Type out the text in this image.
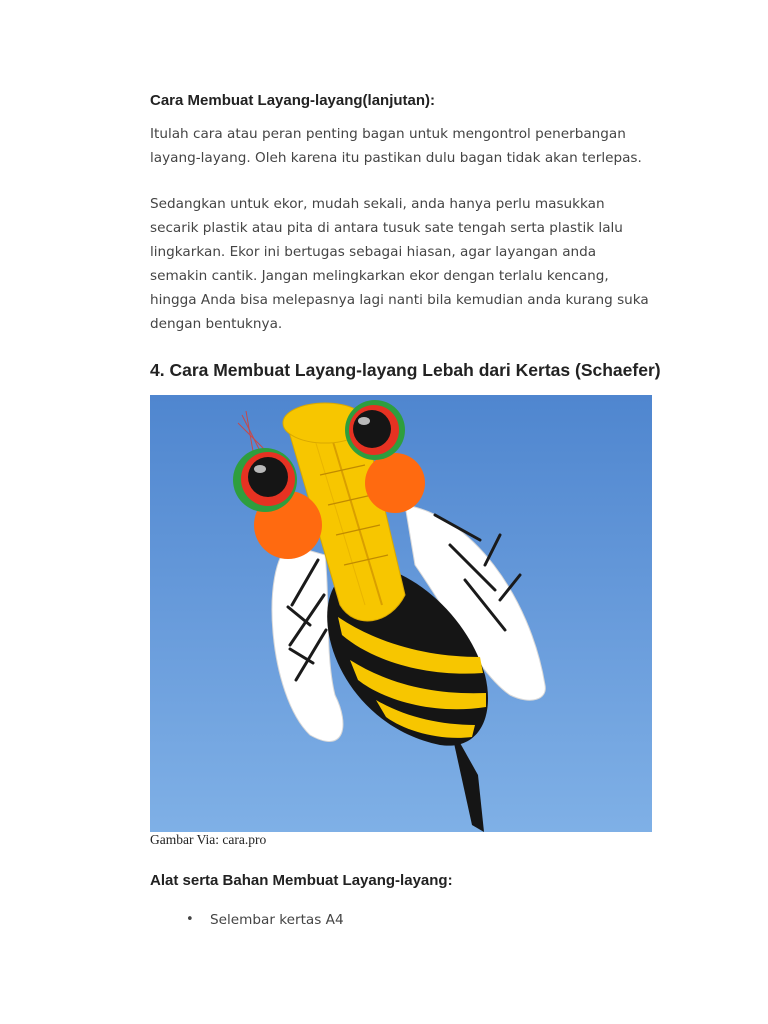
Cara Membuat Layang-layang(lanjutan):
Itulah cara atau peran penting bagan untuk mengontrol penerbangan
layang-layang. Oleh karena itu pastikan dulu bagan tidak akan terlepas.
Sedangkan untuk ekor, mudah sekali, anda hanya perlu masukkan
secarik plastik atau pita di antara tusuk sate tengah serta plastik lalu
lingkarkan. Ekor ini bertugas sebagai hiasan, agar layangan anda
semakin cantik. Jangan melingkarkan ekor dengan terlalu kencang,
hingga Anda bisa melepasnya lagi nanti bila kemudian anda kurang suka
dengan bentuknya.
4. Cara Membuat Layang-layang Lebah dari Kertas (Schaefer)
Gambar Via: cara.pro
Alat serta Bahan Membuat Layang-layang:
• Selembar kertas A4
